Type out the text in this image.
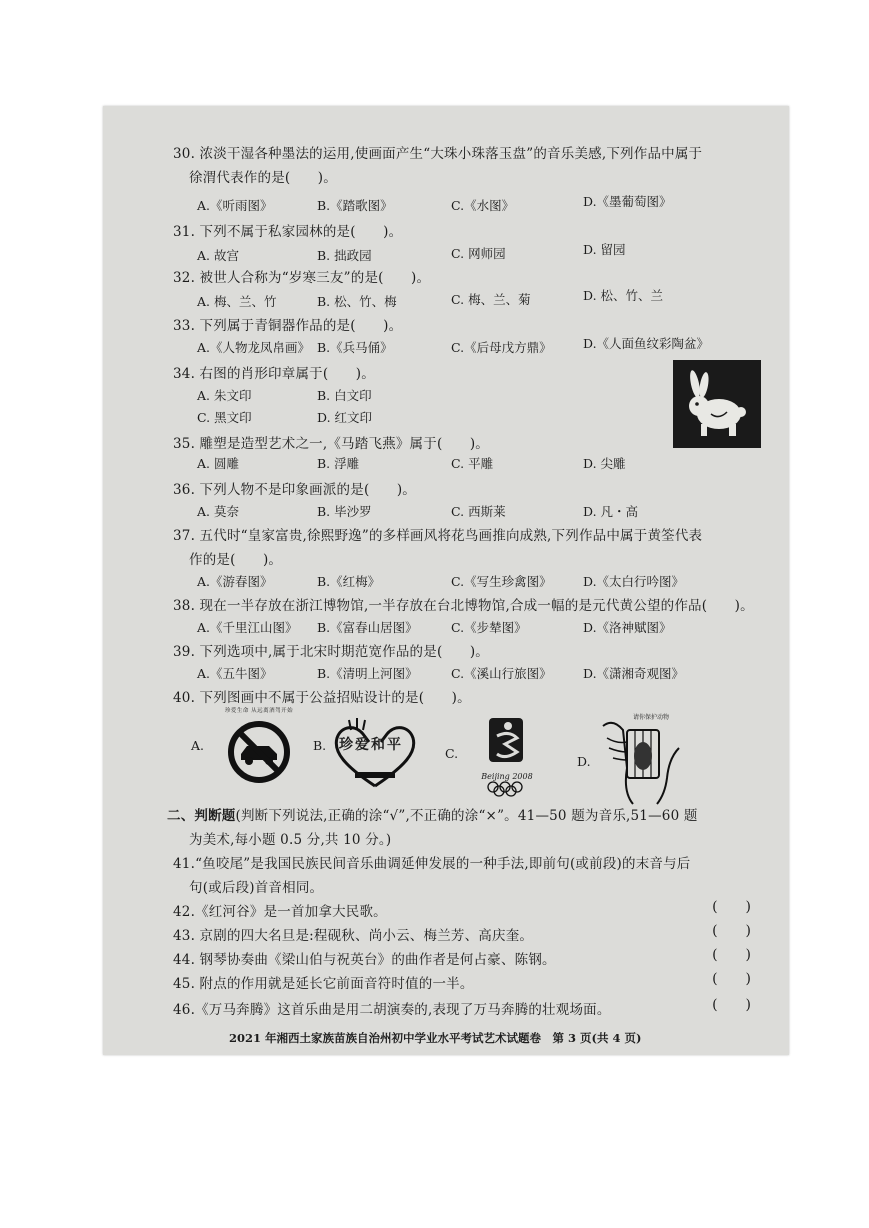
30. 浓淡干湿各种墨法的运用,使画面产生“大珠小珠落玉盘”的音乐美感,下列作品中属于
徐渭代表作的是(　　)。
A.《听雨图》	B.《踏歌图》	C.《水图》	D.《墨葡萄图》
31. 下列不属于私家园林的是(　　)。
A. 故宫	B. 拙政园	C. 网师园	D. 留园
32. 被世人合称为“岁寒三友”的是(　　)。
A. 梅、兰、竹	B. 松、竹、梅	C. 梅、兰、菊	D. 松、竹、兰
33. 下列属于青铜器作品的是(　　)。
A.《人物龙凤帛画》 B.《兵马俑》	C.《后母戊方鼎》	D.《人面鱼纹彩陶盆》
34. 右图的肖形印章属于(　　)。
A. 朱文印	B. 白文印
C. 黑文印	D. 红文印
35. 雕塑是造型艺术之一,《马踏飞燕》属于(　　)。
A. 圆雕	B. 浮雕	C. 平雕	D. 尖雕
36. 下列人物不是印象画派的是(　　)。
A. 莫奈	B. 毕沙罗	C. 西斯莱	D. 凡・高
37. 五代时“皇家富贵,徐熙野逸”的多样画风将花鸟画推向成熟,下列作品中属于黄筌代表
作的是(　　)。
A.《游春图》	B.《红梅》	C.《写生珍禽图》	D.《太白行吟图》
38. 现在一半存放在浙江博物馆,一半存放在台北博物馆,合成一幅的是元代黄公望的作品(　　)。
A.《千里江山图》 B.《富春山居图》	C.《步辇图》	D.《洛神赋图》
39. 下列选项中,属于北宋时期范宽作品的是(　　)。
A.《五牛图》	B.《清明上河图》	C.《溪山行旅图》	D.《潇湘奇观图》
40. 下列图画中不属于公益招贴设计的是(　　)。
A.
珍爱生命 从远离酒驾开始
B. 珍爱和平
C.
Beijing 2008
D.
请你保护动物
二、判断题(判断下列说法,正确的涂“√”,不正确的涂“×”。41—50 题为音乐,51—60 题
为美术,每小题 0.5 分,共 10 分。)
41.“鱼咬尾”是我国民族民间音乐曲调延伸发展的一种手法,即前句(或前段)的末音与后
句(或后段)首音相同。
42.《红河谷》是一首加拿大民歌。	(　　)
43. 京剧的四大名旦是:程砚秋、尚小云、梅兰芳、高庆奎。	(　　)
44. 钢琴协奏曲《梁山伯与祝英台》的曲作者是何占豪、陈钢。	(　　)
45. 附点的作用就是延长它前面音符时值的一半。	(　　)
46.《万马奔腾》这首乐曲是用二胡演奏的,表现了万马奔腾的壮观场面。	(　　)
2021 年湘西土家族苗族自治州初中学业水平考试艺术试题卷　第 3 页(共 4 页)
